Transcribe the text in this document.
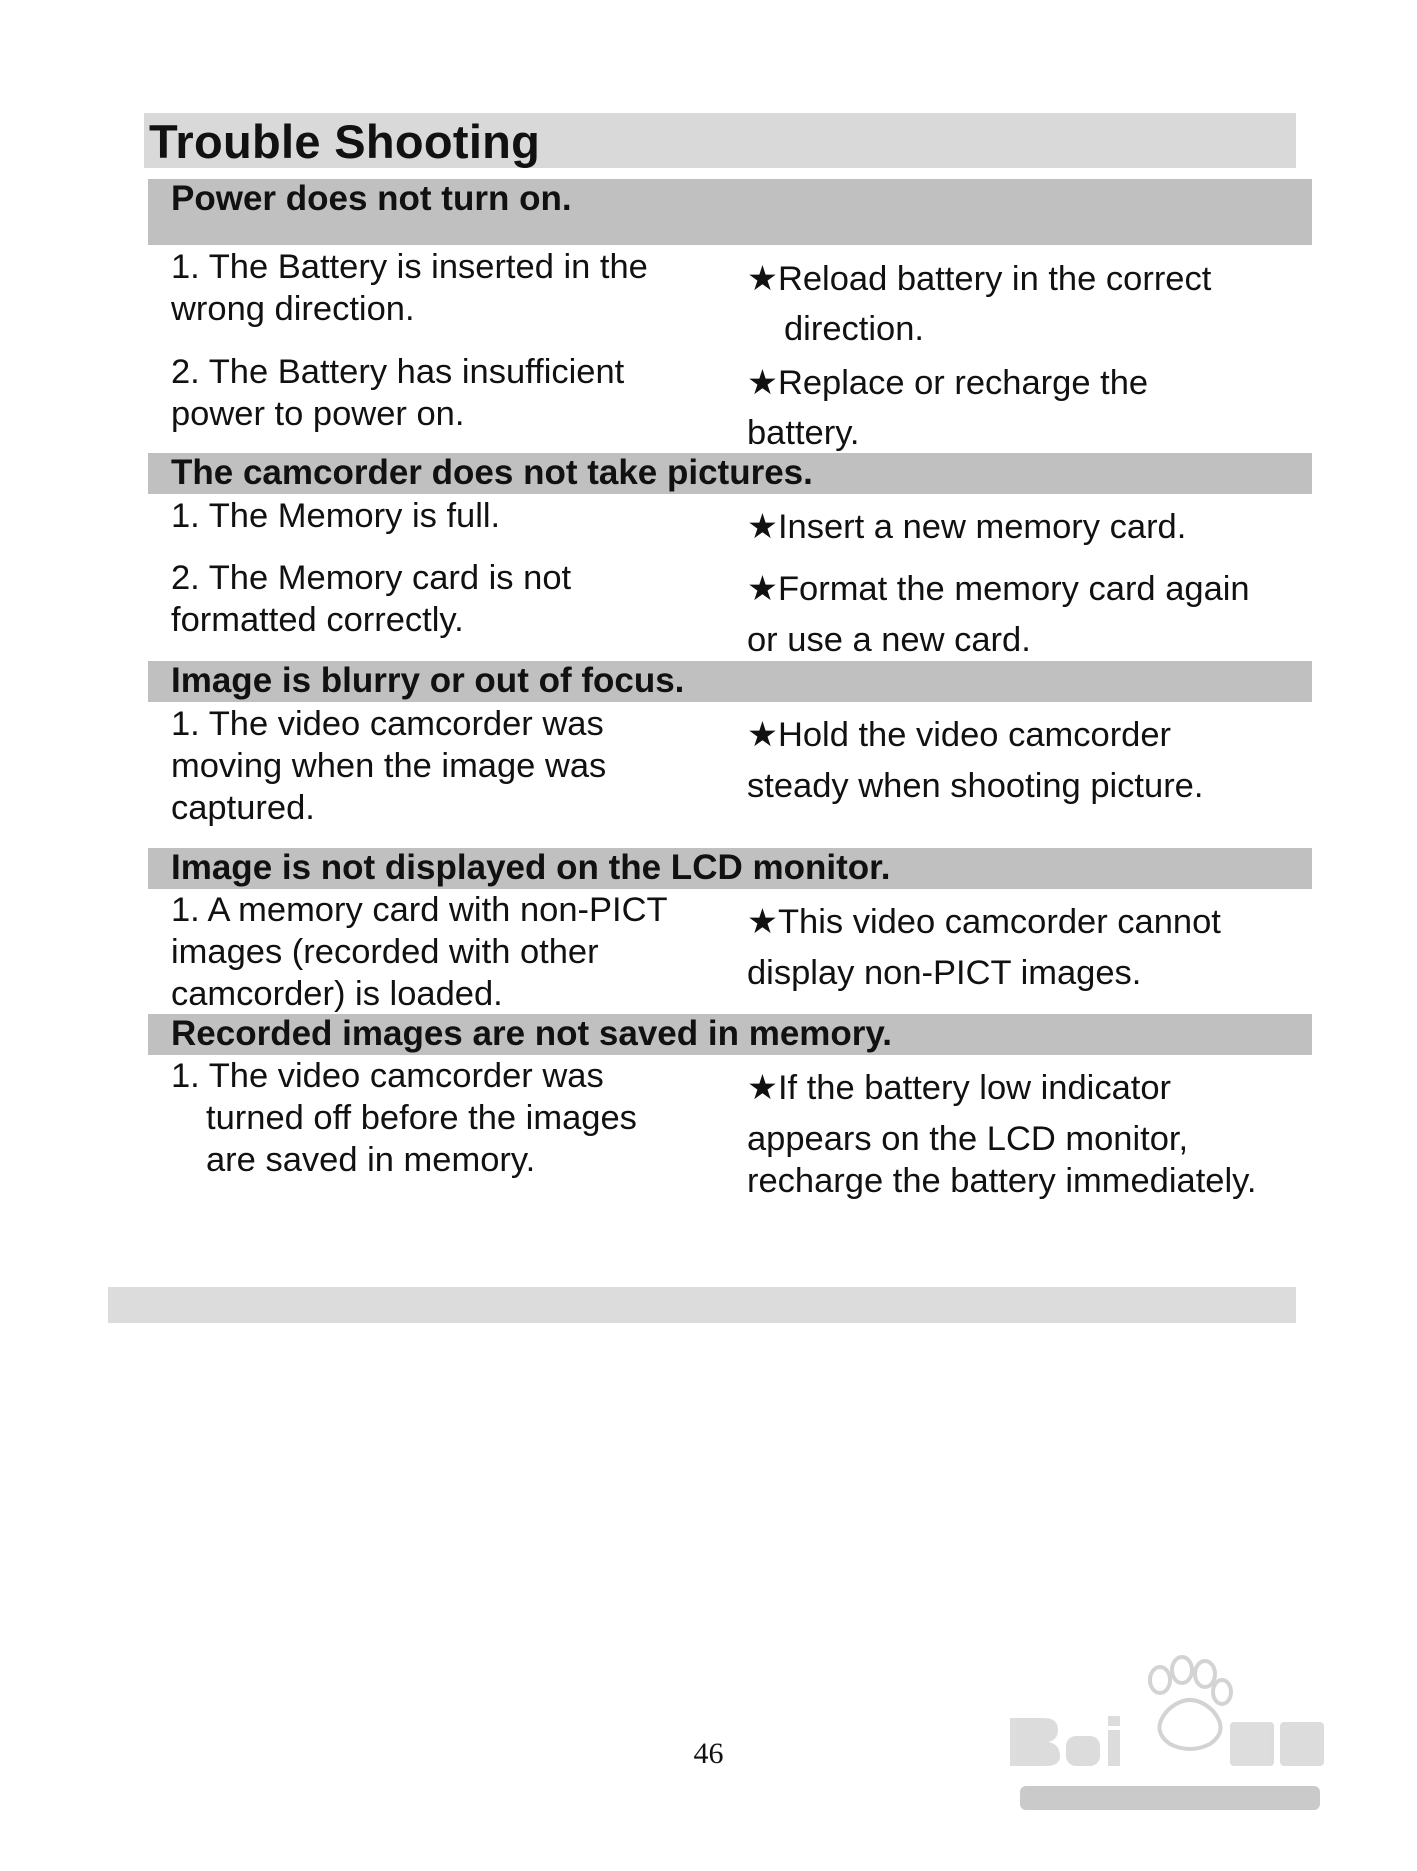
Trouble Shooting
Power does not turn on.
1. The Battery is inserted in the
wrong direction.
2. The Battery has insufficient
power to power on.
★Reload battery in the correct
direction.
★Replace or recharge the
battery.
The camcorder does not take pictures.
1. The Memory is full.
2. The Memory card is not
formatted correctly.
★Insert a new memory card.
★Format the memory card again
or use a new card.
Image is blurry or out of focus.
1. The video camcorder was
moving when the image was
captured.
★Hold the video camcorder
steady when shooting picture.
Image is not displayed on the LCD monitor.
1. A memory card with non-PICT
images (recorded with other
camcorder) is loaded.
★This video camcorder cannot
display non-PICT images.
Recorded images are not saved in memory.
1. The video camcorder was
turned off before the images
are saved in memory.
★If the battery low indicator
appears on the LCD monitor,
recharge the battery immediately.
46
